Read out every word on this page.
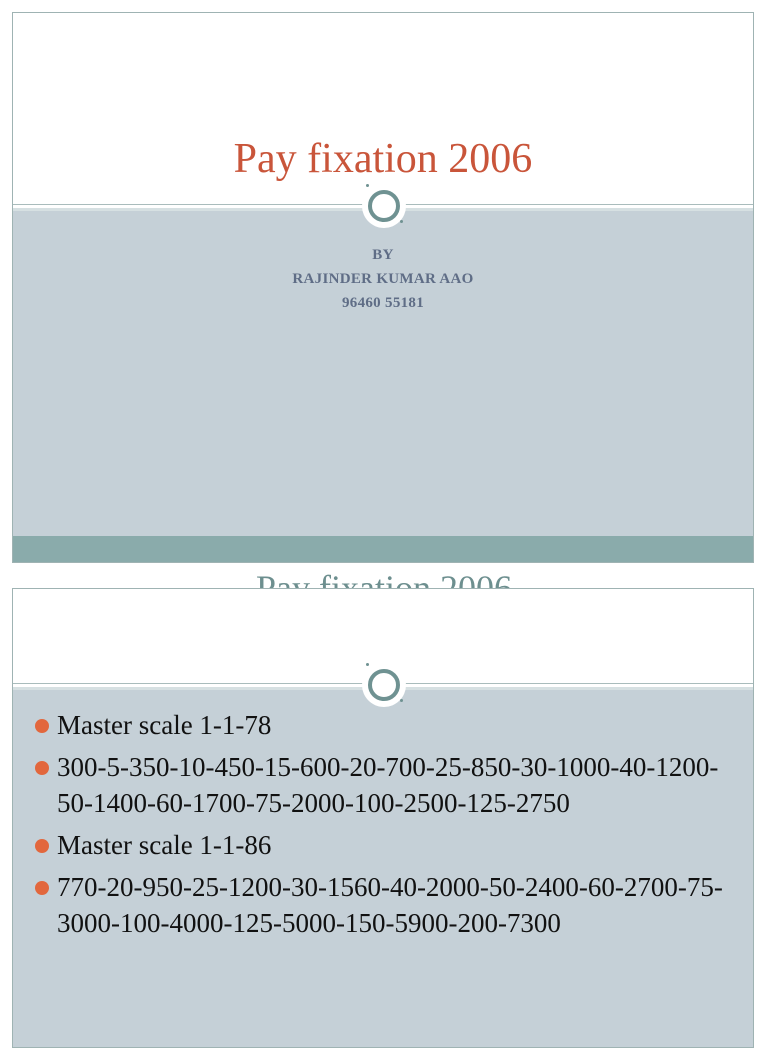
Pay fixation 2006
BY
RAJINDER KUMAR AAO
96460 55181
Master scale 1-1-78
300-5-350-10-450-15-600-20-700-25-850-30-1000-40-1200-50-1400-60-1700-75-2000-100-2500-125-2750
Master scale 1-1-86
770-20-950-25-1200-30-1560-40-2000-50-2400-60-2700-75-3000-100-4000-125-5000-150-5900-200-7300
